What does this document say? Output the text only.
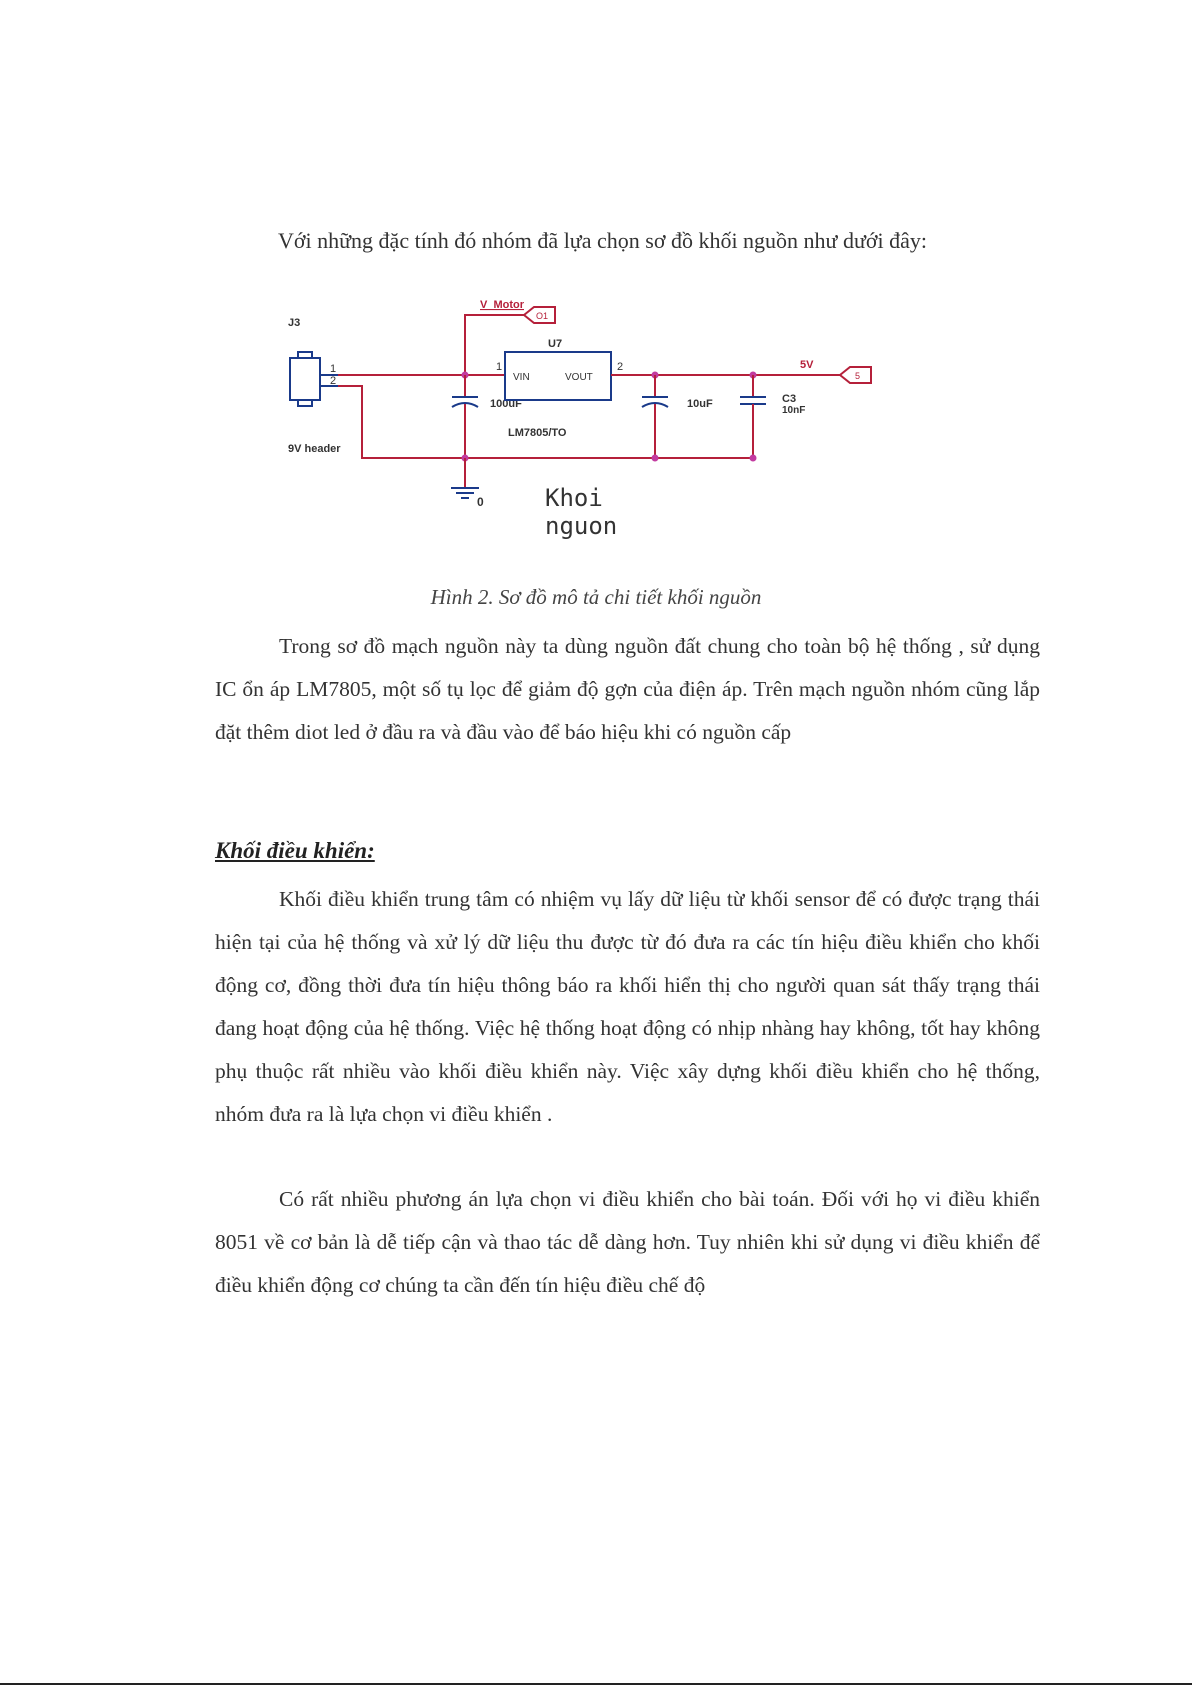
Với những đặc tính đó nhóm đã lựa chọn sơ đồ khối nguồn như dưới đây:
J3
1
2
9V header
V_Motor
O1
100uF
1
U7
VIN	VOUT
2
LM7805/TO
5V
5
10uF	C3
10nF
0	Khoi
nguon
Hình 2. Sơ đồ mô tả chi tiết khối nguồn

Trong sơ đồ mạch nguồn này ta dùng nguồn đất chung cho toàn bộ hệ thống , sử dụng IC ổn áp LM7805, một số tụ lọc để giảm độ gợn của điện áp. Trên mạch nguồn nhóm cũng lắp đặt thêm diot led ở đầu ra và đầu vào để báo hiệu khi có nguồn cấp

Khối điều khiển:

Khối điều khiển trung tâm có nhiệm vụ lấy dữ liệu từ khối sensor để có được trạng thái hiện tại của hệ thống và xử lý dữ liệu thu được từ đó đưa ra các tín hiệu điều khiển cho khối động cơ, đồng thời đưa tín hiệu thông báo ra khối hiển thị cho người quan sát thấy trạng thái đang hoạt động của hệ thống. Việc hệ thống hoạt động có nhịp nhàng hay không, tốt hay không phụ thuộc rất nhiều vào khối điều khiển này. Việc xây dựng khối điều khiển cho hệ thống, nhóm đưa ra là lựa chọn vi điều khiển .

Có rất nhiều phương án lựa chọn vi điều khiển cho bài toán. Đối với họ vi điều khiển 8051 về cơ bản là dễ tiếp cận và thao tác dễ dàng hơn. Tuy nhiên khi sử dụng vi điều khiển để điều khiển động cơ chúng ta cần đến tín hiệu điều chế độ
